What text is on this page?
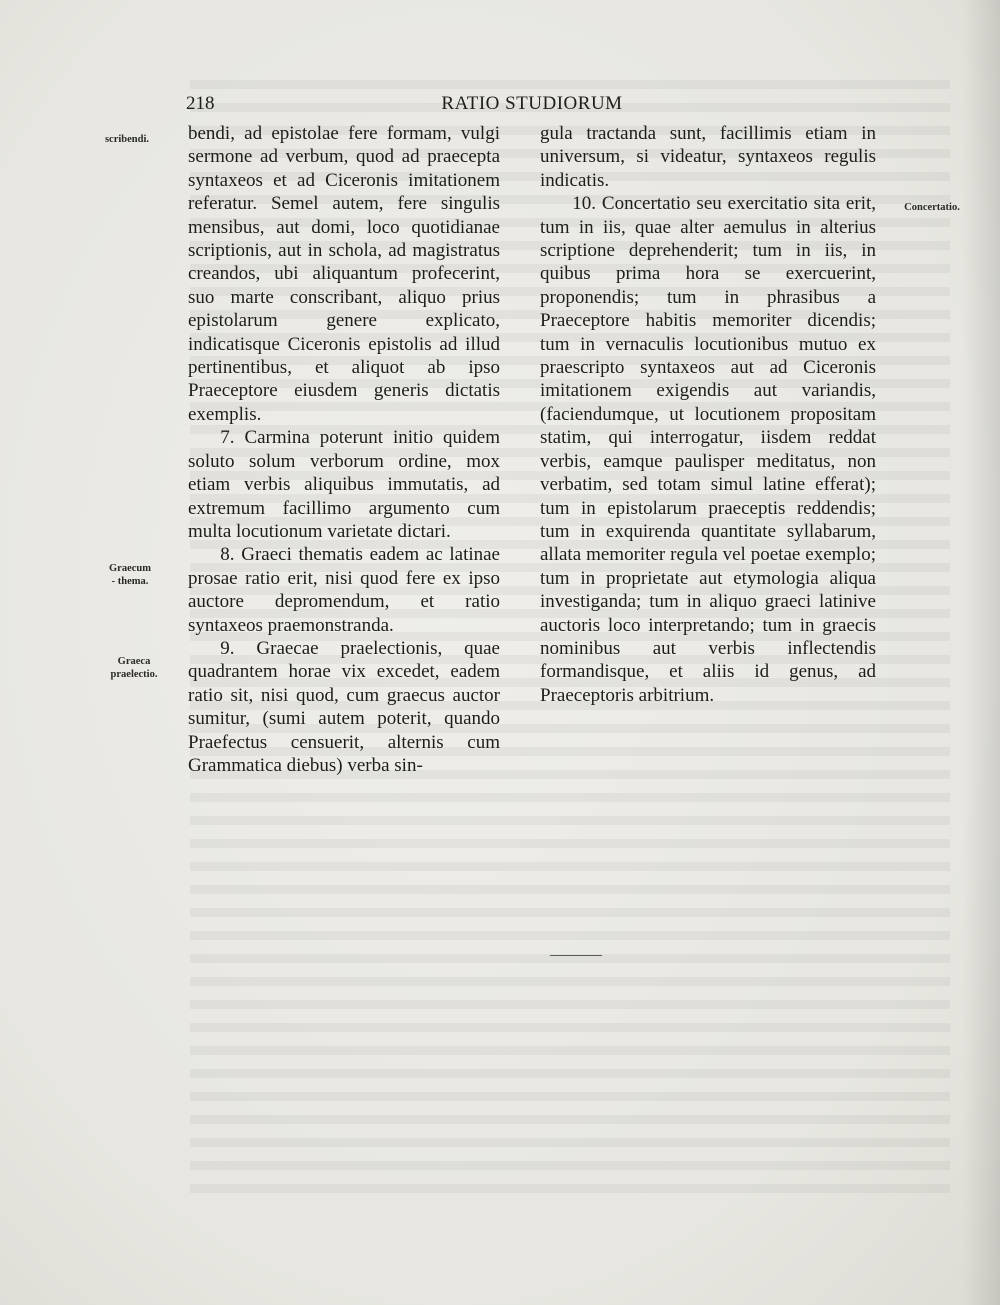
218	RATIO STUDIORUM
scribendi.
Concertatio.
Graecum
- thema.
Graeca
praelectio.

bendi, ad epistolae fere formam, vulgi sermone ad verbum, quod ad praecepta syntaxeos et ad Ciceronis imitationem referatur. Semel autem, fere singulis mensibus, aut domi, loco quotidianae scriptionis, aut in schola, ad magistratus creandos, ubi aliquantum profecerint, suo marte conscribant, aliquo prius epistolarum genere explicato, indicatisque Ciceronis epistolis ad illud pertinentibus, et aliquot ab ipso Praeceptore eiusdem generis dictatis exemplis.

7. Carmina poterunt initio quidem soluto solum verborum ordine, mox etiam verbis aliquibus immutatis, ad extremum facillimo argumento cum multa locutionum varietate dictari.

8. Graeci thematis eadem ac latinae prosae ratio erit, nisi quod fere ex ipso auctore depromendum, et ratio syntaxeos praemonstranda.

9. Graecae praelectionis, quae quadrantem horae vix excedet, eadem ratio sit, nisi quod, cum graecus auctor sumitur, (sumi autem poterit, quando Praefectus censuerit, alternis cum Grammatica diebus) verba sin-

gula tractanda sunt, facillimis etiam in universum, si videatur, syntaxeos regulis indicatis.

10. Concertatio seu exercitatio sita erit, tum in iis, quae alter aemulus in alterius scriptione deprehenderit; tum in iis, in quibus prima hora se exercuerint, proponendis; tum in phrasibus a Praeceptore habitis memoriter dicendis; tum in vernaculis locutionibus mutuo ex praescripto syntaxeos aut ad Ciceronis imitationem exigendis aut variandis, (faciendumque, ut locutionem propositam statim, qui interrogatur, iisdem reddat verbis, eamque paulisper meditatus, non verbatim, sed totam simul latine efferat); tum in epistolarum praeceptis reddendis; tum in exquirenda quantitate syllabarum, allata memoriter regula vel poetae exemplo; tum in proprietate aut etymologia aliqua investiganda; tum in aliquo graeci latinive auctoris loco interpretando; tum in graecis nominibus aut verbis inflectendis formandisque, et aliis id genus, ad Praeceptoris arbitrium.
